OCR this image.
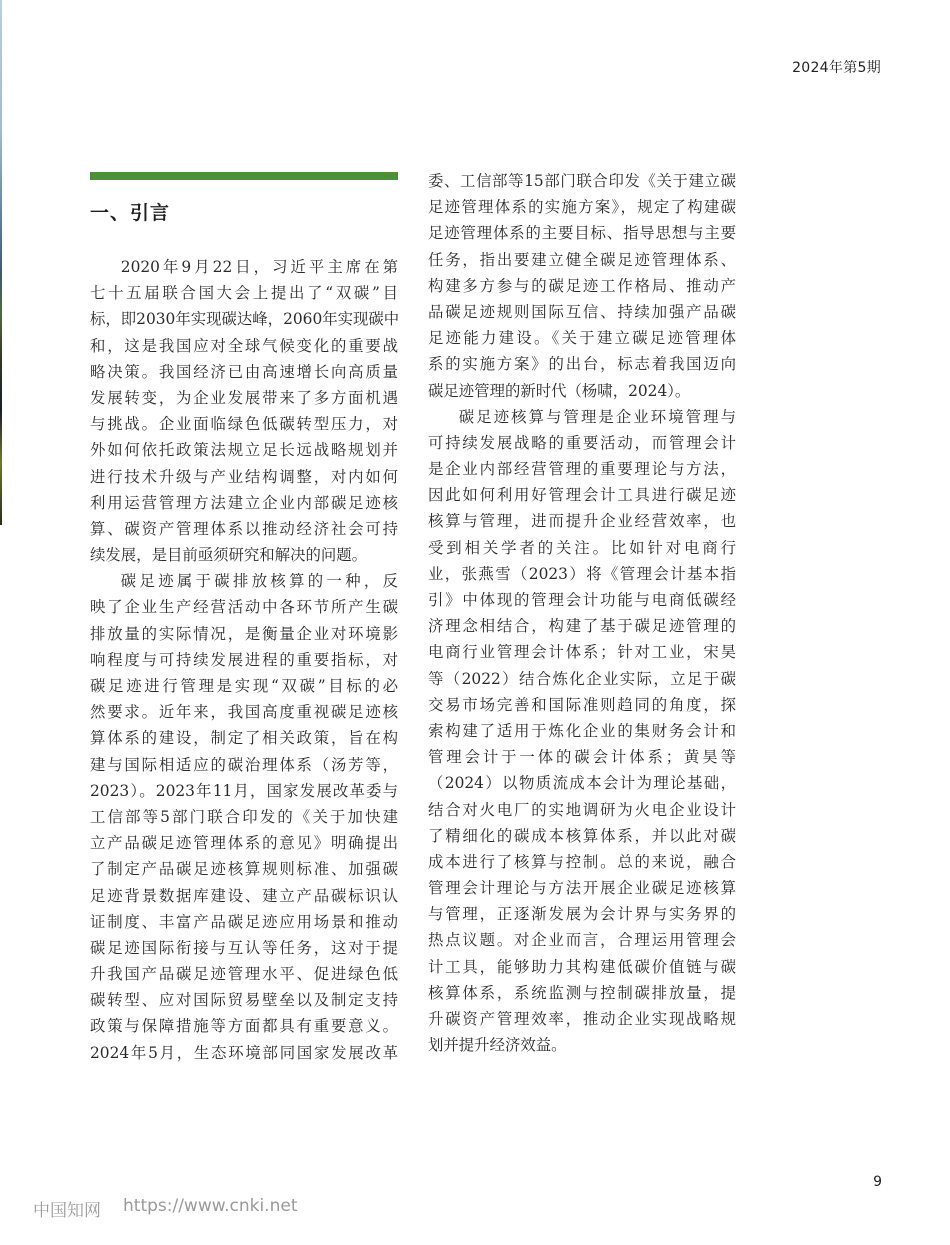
2024年第5期
一、引言
2020年9月22日，习近平主席在第
七十五届联合国大会上提出了“双碳”目
标，即2030年实现碳达峰，2060年实现碳中
和，这是我国应对全球气候变化的重要战
略决策。我国经济已由高速增长向高质量
发展转变，为企业发展带来了多方面机遇
与挑战。企业面临绿色低碳转型压力，对
外如何依托政策法规立足长远战略规划并
进行技术升级与产业结构调整，对内如何
利用运营管理方法建立企业内部碳足迹核
算、碳资产管理体系以推动经济社会可持
续发展，是目前亟须研究和解决的问题。
碳足迹属于碳排放核算的一种，反
映了企业生产经营活动中各环节所产生碳
排放量的实际情况，是衡量企业对环境影
响程度与可持续发展进程的重要指标，对
碳足迹进行管理是实现“双碳”目标的必
然要求。近年来，我国高度重视碳足迹核
算体系的建设，制定了相关政策，旨在构
建与国际相适应的碳治理体系（汤芳等，
2023）。2023年11月，国家发展改革委与
工信部等5部门联合印发的《关于加快建
立产品碳足迹管理体系的意见》明确提出
了制定产品碳足迹核算规则标准、加强碳
足迹背景数据库建设、建立产品碳标识认
证制度、丰富产品碳足迹应用场景和推动
碳足迹国际衔接与互认等任务，这对于提
升我国产品碳足迹管理水平、促进绿色低
碳转型、应对国际贸易壁垒以及制定支持
政策与保障措施等方面都具有重要意义。
2024年5月，生态环境部同国家发展改革
委、工信部等15部门联合印发《关于建立碳
足迹管理体系的实施方案》，规定了构建碳
足迹管理体系的主要目标、指导思想与主要
任务，指出要建立健全碳足迹管理体系、
构建多方参与的碳足迹工作格局、推动产
品碳足迹规则国际互信、持续加强产品碳
足迹能力建设。《关于建立碳足迹管理体
系的实施方案》的出台，标志着我国迈向
碳足迹管理的新时代（杨啸，2024）。
碳足迹核算与管理是企业环境管理与
可持续发展战略的重要活动，而管理会计
是企业内部经营管理的重要理论与方法，
因此如何利用好管理会计工具进行碳足迹
核算与管理，进而提升企业经营效率，也
受到相关学者的关注。比如针对电商行
业，张燕雪（2023）将《管理会计基本指
引》中体现的管理会计功能与电商低碳经
济理念相结合，构建了基于碳足迹管理的
电商行业管理会计体系；针对工业，宋昊
等（2022）结合炼化企业实际，立足于碳
交易市场完善和国际准则趋同的角度，探
索构建了适用于炼化企业的集财务会计和
管理会计于一体的碳会计体系；黄昊等
（2024）以物质流成本会计为理论基础，
结合对火电厂的实地调研为火电企业设计
了精细化的碳成本核算体系，并以此对碳
成本进行了核算与控制。总的来说，融合
管理会计理论与方法开展企业碳足迹核算
与管理，正逐渐发展为会计界与实务界的
热点议题。对企业而言，合理运用管理会
计工具，能够助力其构建低碳价值链与碳
核算体系，系统监测与控制碳排放量，提
升碳资产管理效率，推动企业实现战略规
划并提升经济效益。
9
中国知网 https://www.cnki.net
